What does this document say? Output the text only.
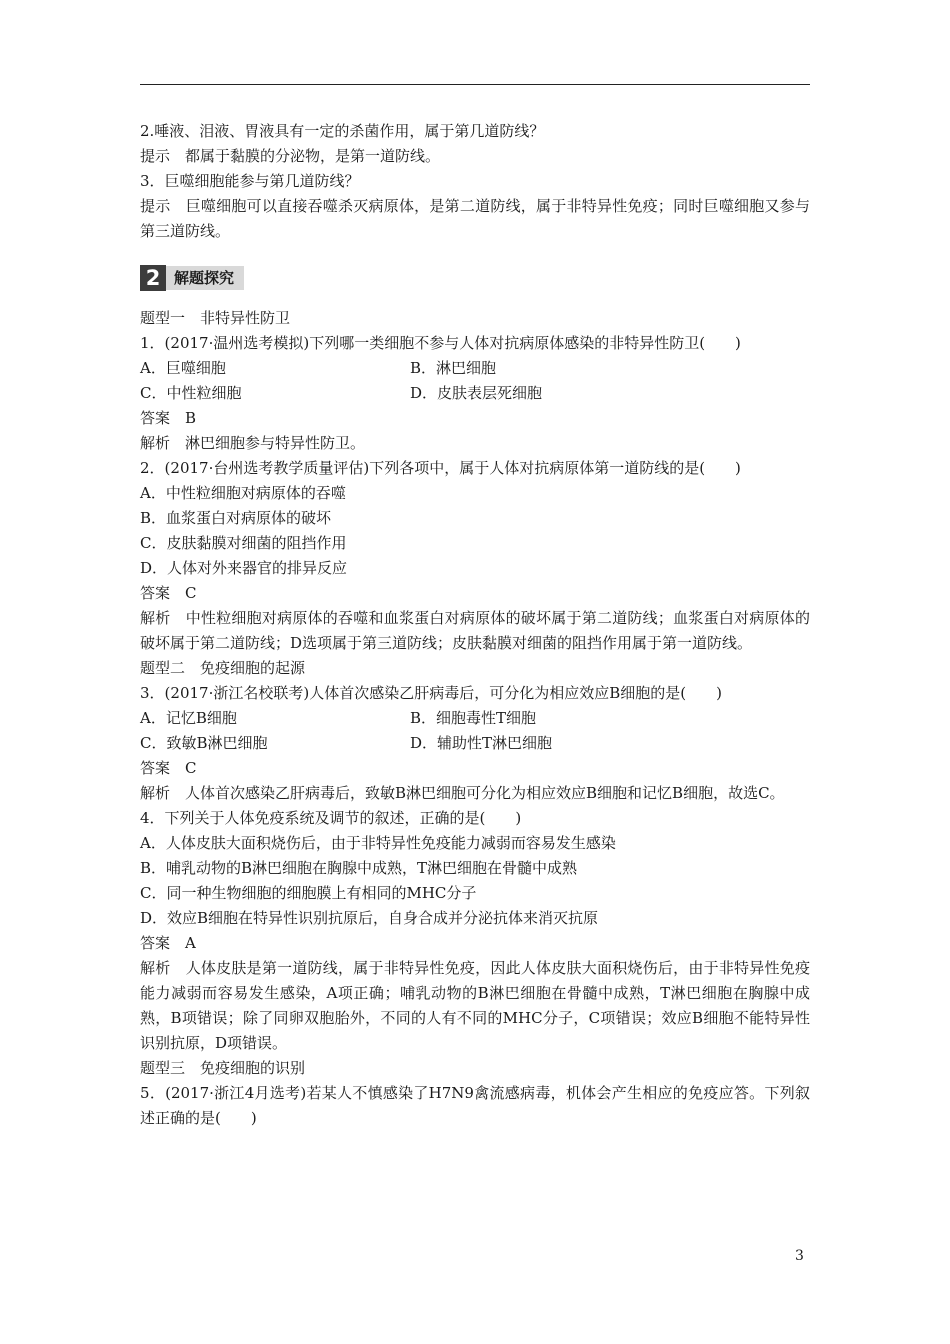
2.唾液、泪液、胃液具有一定的杀菌作用，属于第几道防线？
提示　都属于黏膜的分泌物，是第一道防线。
3．巨噬细胞能参与第几道防线？
提示　巨噬细胞可以直接吞噬杀灭病原体，是第二道防线，属于非特异性免疫；同时巨噬细胞又参与第三道防线。
2 解题探究
题型一　非特异性防卫
1．(2017·温州选考模拟)下列哪一类细胞不参与人体对抗病原体感染的非特异性防卫(　　)
A．巨噬细胞	B．淋巴细胞
C．中性粒细胞	D．皮肤表层死细胞
答案　B
解析　淋巴细胞参与特异性防卫。
2．(2017·台州选考教学质量评估)下列各项中，属于人体对抗病原体第一道防线的是(　　)
A．中性粒细胞对病原体的吞噬
B．血浆蛋白对病原体的破坏
C．皮肤黏膜对细菌的阻挡作用
D．人体对外来器官的排异反应
答案　C
解析　中性粒细胞对病原体的吞噬和血浆蛋白对病原体的破坏属于第二道防线；血浆蛋白对病原体的破坏属于第二道防线；D选项属于第三道防线；皮肤黏膜对细菌的阻挡作用属于第一道防线。
题型二　免疫细胞的起源
3．(2017·浙江名校联考)人体首次感染乙肝病毒后，可分化为相应效应B细胞的是(　　)
A．记忆B细胞	B．细胞毒性T细胞
C．致敏B淋巴细胞	D．辅助性T淋巴细胞
答案　C
解析　人体首次感染乙肝病毒后，致敏B淋巴细胞可分化为相应效应B细胞和记忆B细胞，故选C。
4．下列关于人体免疫系统及调节的叙述，正确的是(　　)
A．人体皮肤大面积烧伤后，由于非特异性免疫能力减弱而容易发生感染
B．哺乳动物的B淋巴细胞在胸腺中成熟，T淋巴细胞在骨髓中成熟
C．同一种生物细胞的细胞膜上有相同的MHC分子
D．效应B细胞在特异性识别抗原后，自身合成并分泌抗体来消灭抗原
答案　A
解析　人体皮肤是第一道防线，属于非特异性免疫，因此人体皮肤大面积烧伤后，由于非特异性免疫能力减弱而容易发生感染，A项正确；哺乳动物的B淋巴细胞在骨髓中成熟，T淋巴细胞在胸腺中成熟，B项错误；除了同卵双胞胎外，不同的人有不同的MHC分子，C项错误；效应B细胞不能特异性识别抗原，D项错误。
题型三　免疫细胞的识别
5．(2017·浙江4月选考)若某人不慎感染了H7N9禽流感病毒，机体会产生相应的免疫应答。下列叙述正确的是(　　)
3
